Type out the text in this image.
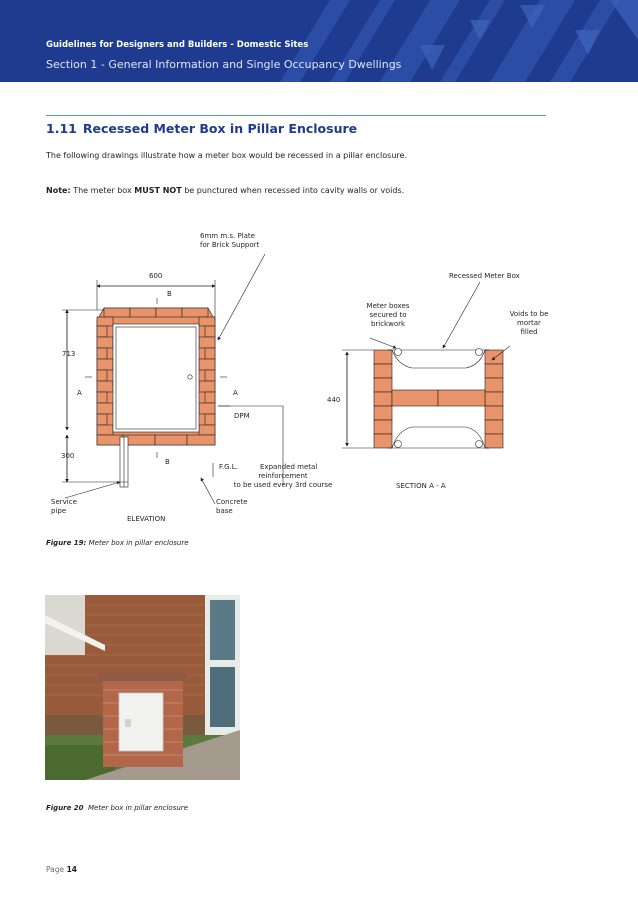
Guidelines for Designers and Builders - Domestic Sites
Section 1 - General Information and Single Occupancy Dwellings
1.11 Recessed Meter Box in Pillar Enclosure
The following drawings illustrate how a meter box would be recessed in a pillar enclosure.
Note: The meter box MUST NOT be punctured when recessed into cavity walls or voids.
6mm m.s. Plate
for Brick Support
600
B
713
A	A
DPM
300
B
F.G.L.	Expanded metal
reinforcement
to be used every 3rd course
Service
pipe
Concrete
base
ELEVATION
Recessed Meter Box
Meter boxes
secured to
brickwork
Voids to be
mortar
filled
440
SECTION A - A
Figure 19: Meter box in pillar enclosure
Figure 20 Meter box in pillar enclosure
Page 14
